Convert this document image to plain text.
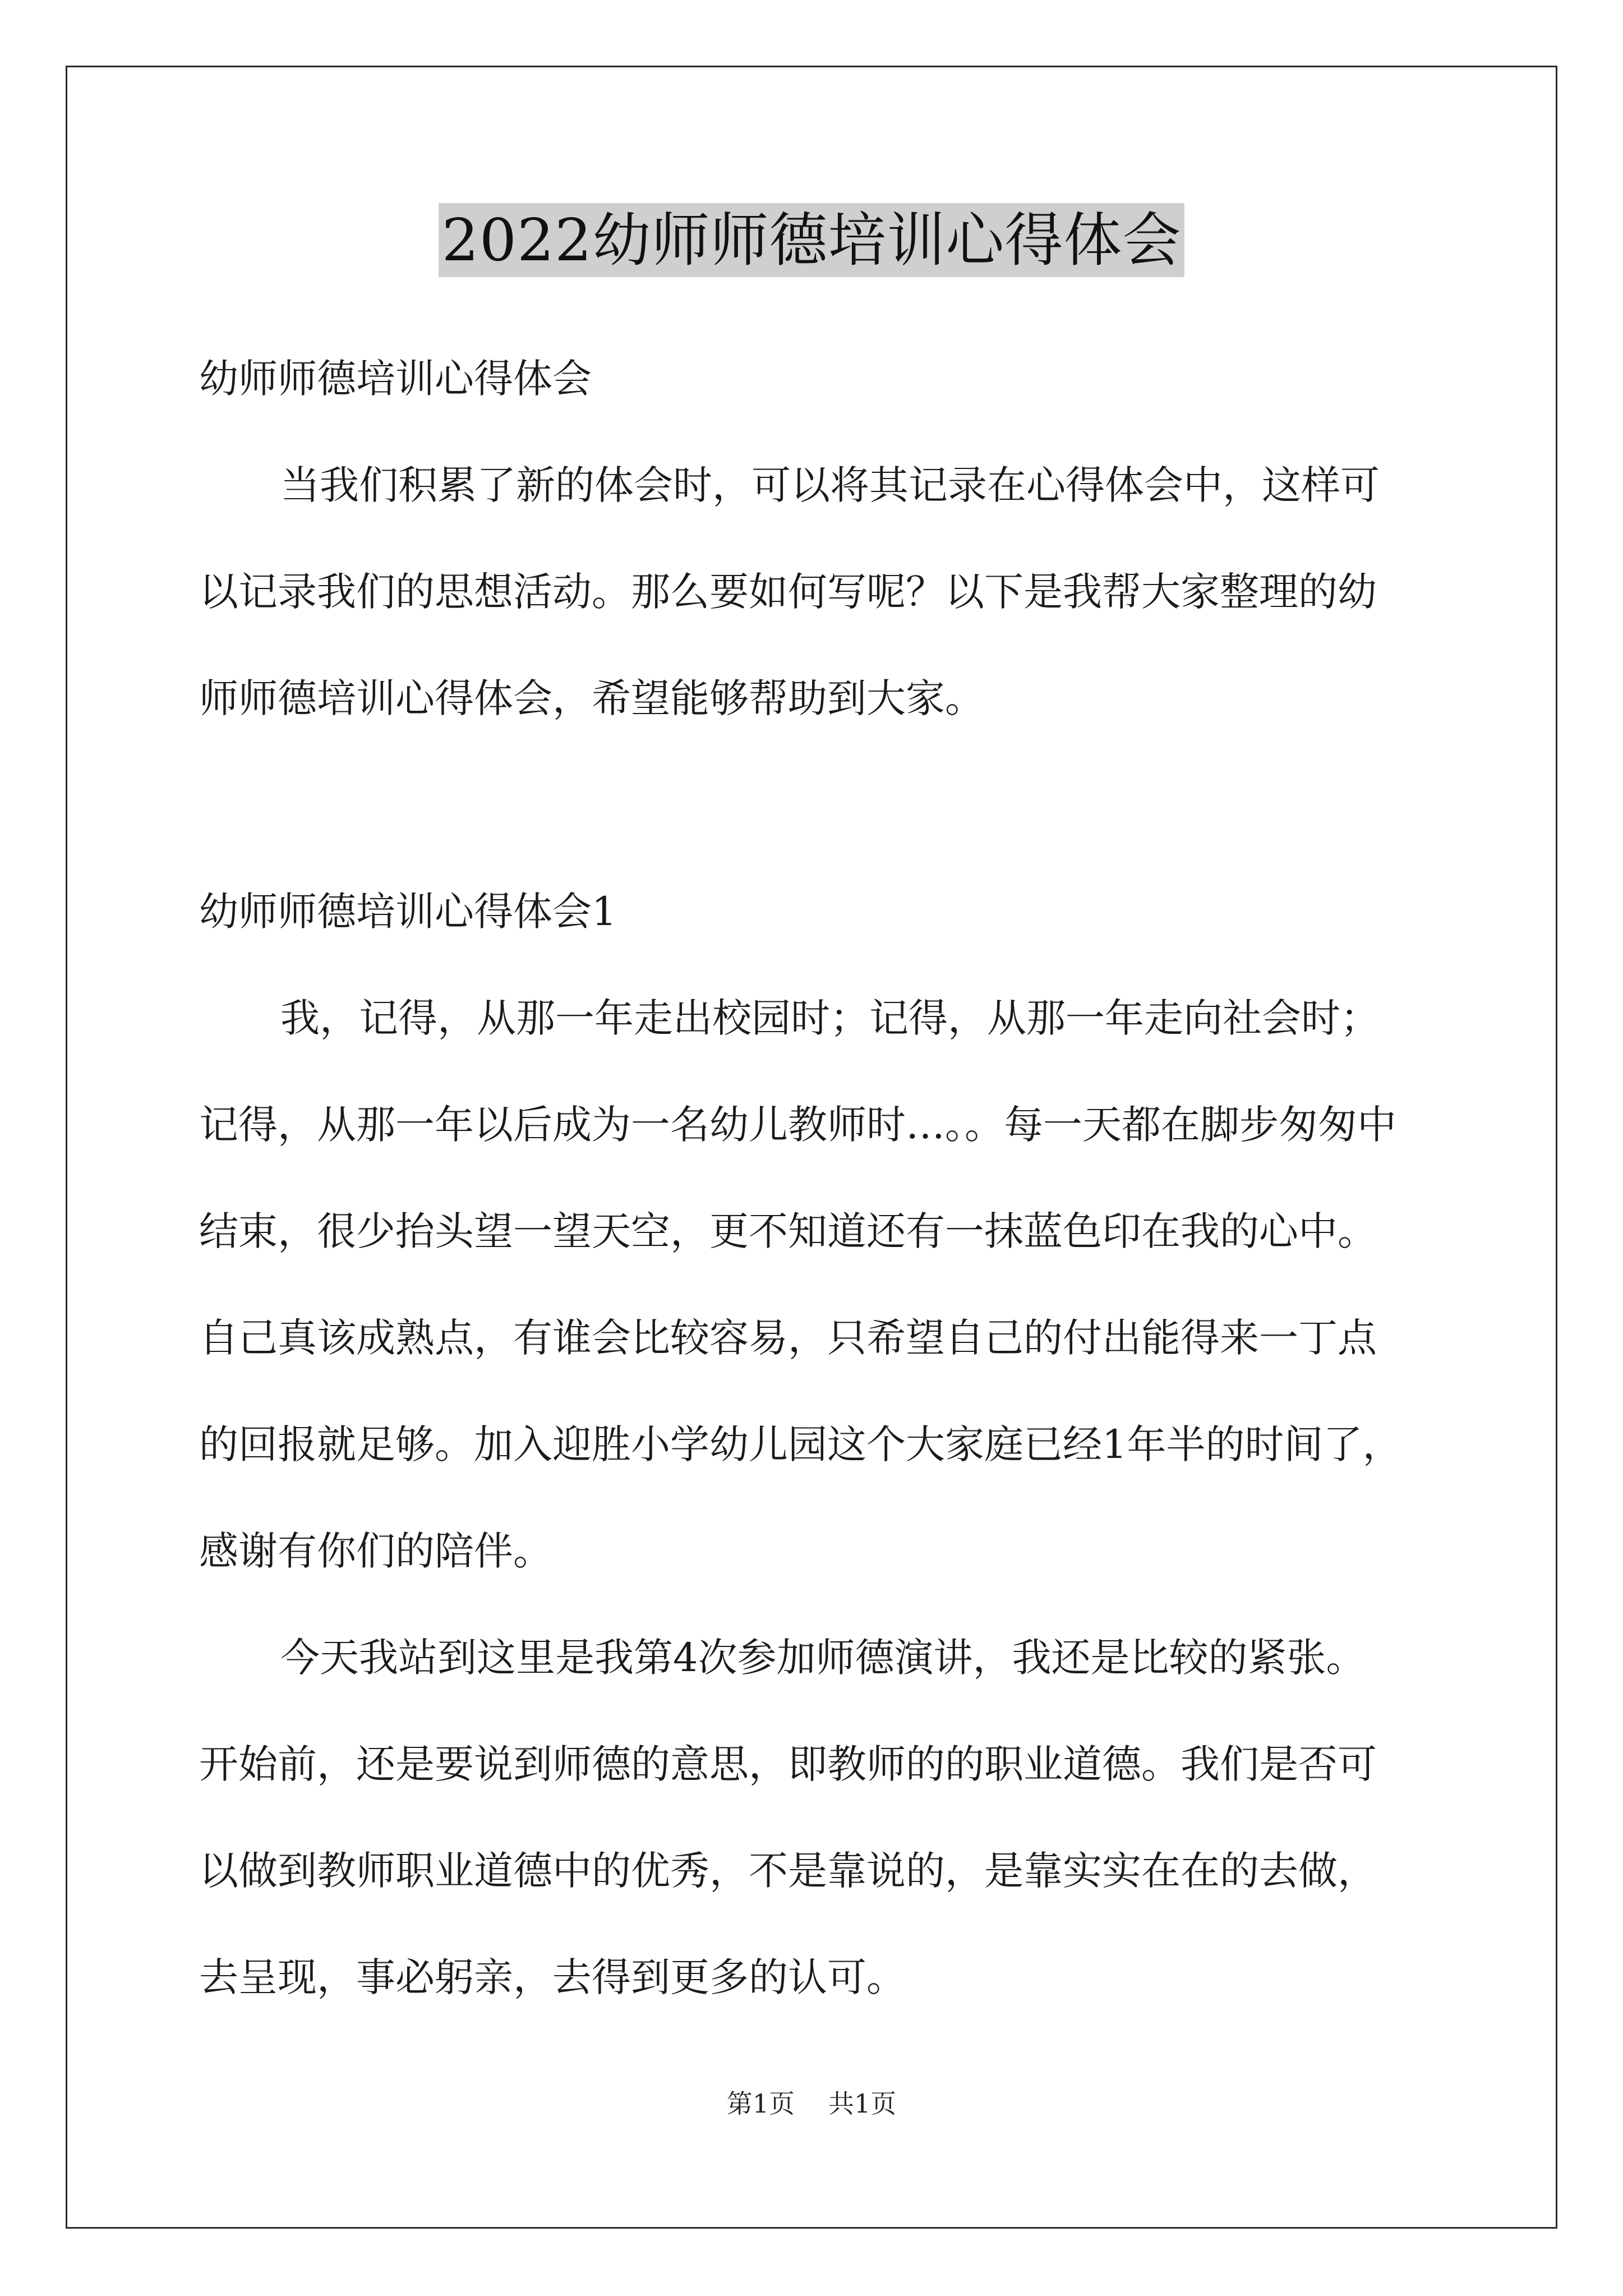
2022幼师师德培训心得体会
幼师师德培训心得体会
当我们积累了新的体会时，可以将其记录在心得体会中，这样可
以记录我们的思想活动。那么要如何写呢？以下是我帮大家整理的幼
师师德培训心得体会，希望能够帮助到大家。
幼师师德培训心得体会1
我，记得，从那一年走出校园时；记得，从那一年走向社会时；
记得，从那一年以后成为一名幼儿教师时…。。每一天都在脚步匆匆中
结束，很少抬头望一望天空，更不知道还有一抹蓝色印在我的心中。
自己真该成熟点，有谁会比较容易，只希望自己的付出能得来一丁点
的回报就足够。加入迎胜小学幼儿园这个大家庭已经1年半的时间了，
感谢有你们的陪伴。
今天我站到这里是我第4次参加师德演讲，我还是比较的紧张。
开始前，还是要说到师德的意思，即教师的的职业道德。我们是否可
以做到教师职业道德中的优秀，不是靠说的，是靠实实在在的去做，
去呈现，事必躬亲，去得到更多的认可。
第1页 共1页
